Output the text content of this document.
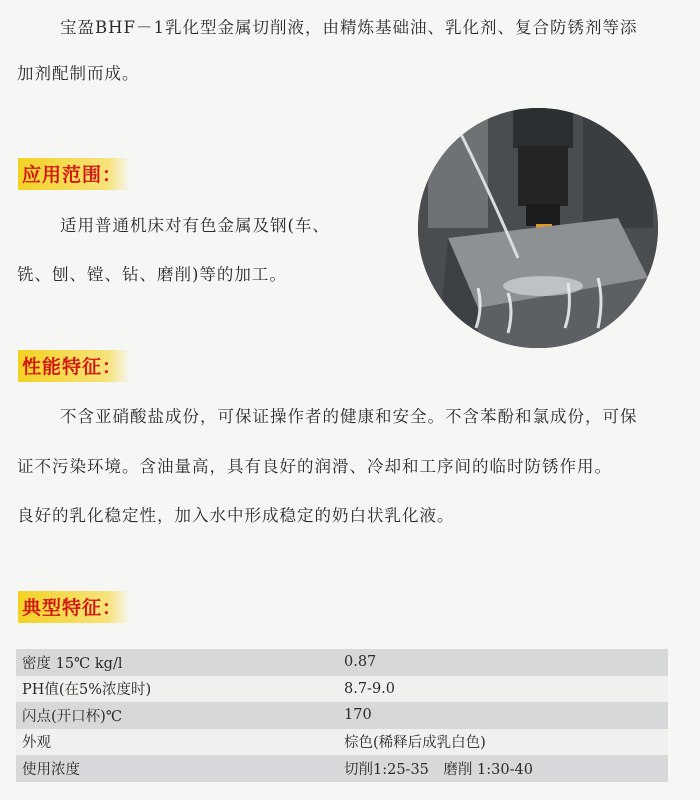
宝盈BHF－1乳化型金属切削液，由精炼基础油、乳化剂、复合防锈剂等添
加剂配制而成。
应用范围：
适用普通机床对有色金属及钢(车、
铣、刨、镗、钻、磨削)等的加工。
性能特征：
不含亚硝酸盐成份，可保证操作者的健康和安全。不含苯酚和氯成份，可保
证不污染环境。含油量高，具有良好的润滑、冷却和工序间的临时防锈作用。
良好的乳化稳定性，加入水中形成稳定的奶白状乳化液。
典型特征：
密度 15℃ kg/l	0.87
PH值(在5%浓度时)	8.7-9.0
闪点(开口杯)℃	170
外观	棕色(稀释后成乳白色)
使用浓度	切削1:25-35　磨削 1:30-40
